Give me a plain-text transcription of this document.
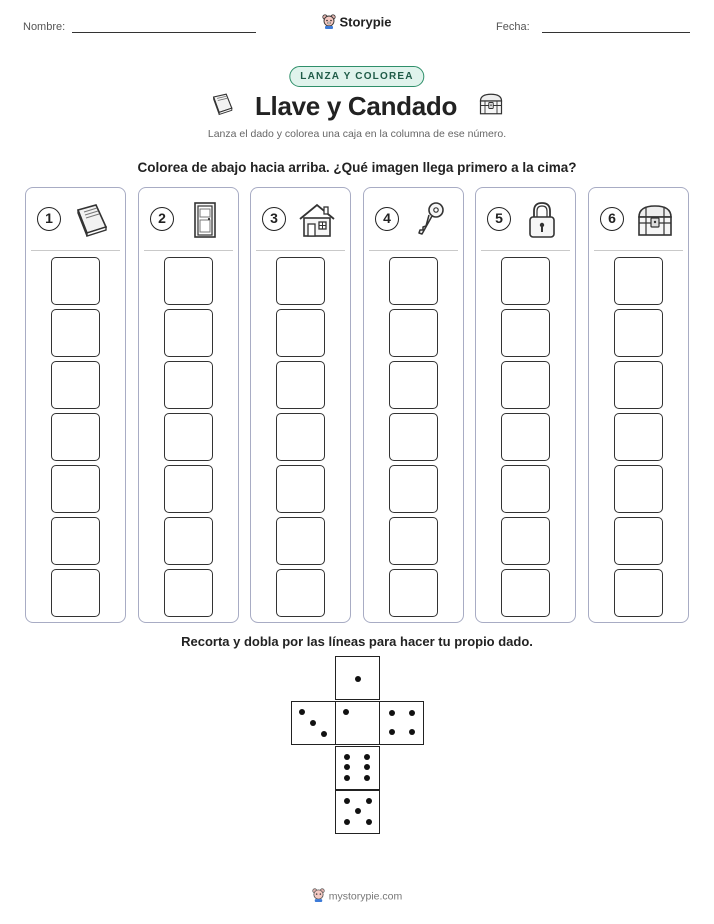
Nombre:	Storypie	Fecha:
LANZA Y COLOREA
Llave y Candado
Lanza el dado y colorea una caja en la columna de ese número.
Colorea de abajo hacia arriba. ¿Qué imagen llega primero a la cima?
1	2	3	4	5	6
Recorta y dobla por las líneas para hacer tu propio dado.
mystorypie.com
